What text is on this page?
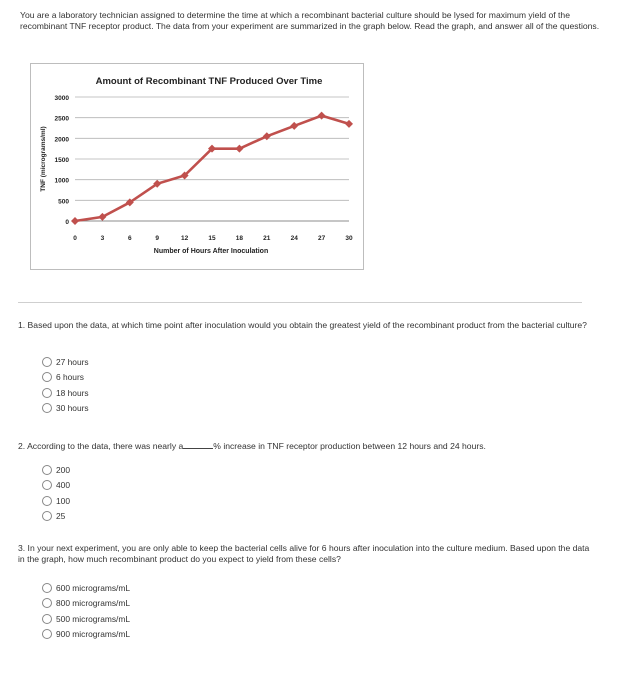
You are a laboratory technician assigned to determine the time at which a recombinant bacterial culture should be lysed for maximum yield of the recombinant TNF receptor product. The data from your experiment are summarized in the graph below. Read the graph, and answer all of the questions.
Amount of Recombinant TNF Produced Over Time
0
500
1000
1500
2000
2500
3000
0	3	6	9	12	15	18	21	24	27	30
Number of Hours After Inoculation
TNF (micrograms/ml)
1. Based upon the data, at which time point after inoculation would you obtain the greatest yield of the recombinant product from the bacterial culture?
27 hours
6 hours
18 hours
30 hours
2. According to the data, there was nearly a	% increase in TNF receptor production between 12 hours and 24 hours.
200
400
100
25
3. In your next experiment, you are only able to keep the bacterial cells alive for 6 hours after inoculation into the culture medium. Based upon the data in the graph, how much recombinant product do you expect to yield from these cells?
600 micrograms/mL
800 micrograms/mL
500 micrograms/mL
900 micrograms/mL
